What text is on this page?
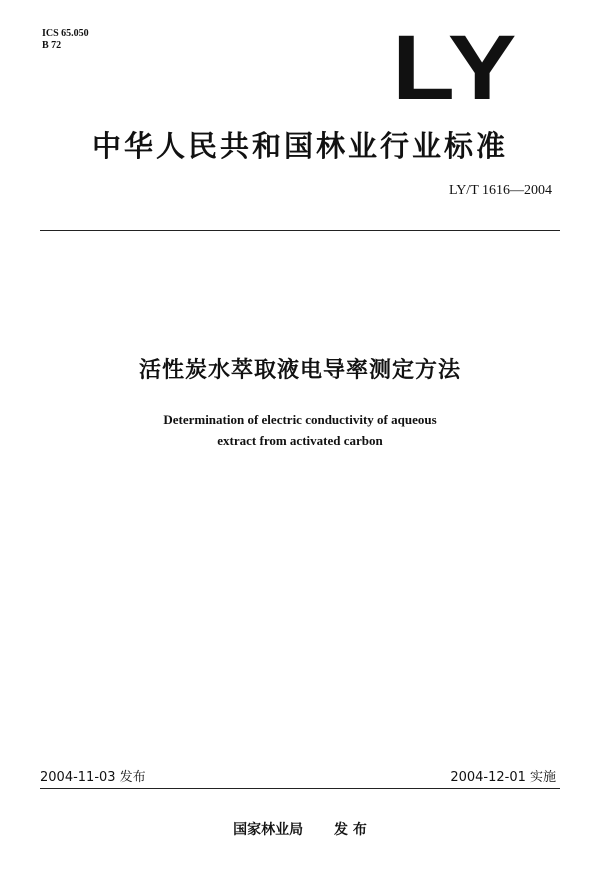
ICS 65.050
B 72	LY
中华人民共和国林业行业标准
LY/T 1616—2004
活性炭水萃取液电导率测定方法
Determination of electric conductivity of aqueous
extract from activated carbon
2004-11-03 发布	2004-12-01 实施
国家林业局 发 布
